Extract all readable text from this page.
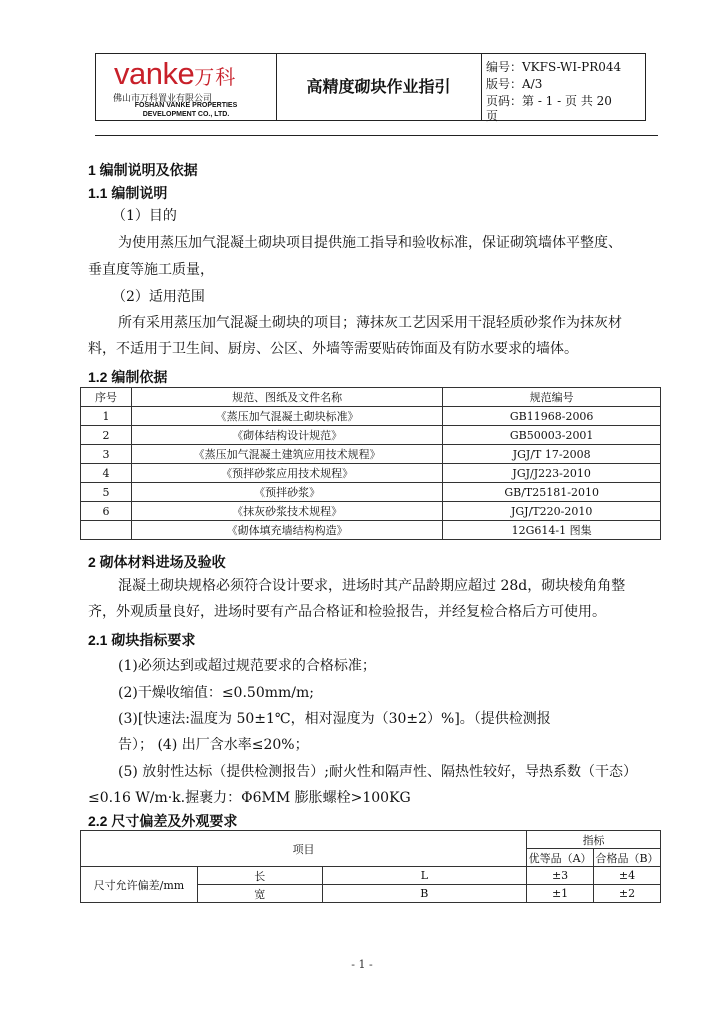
vanke万科
佛山市万科置业有限公司
FOSHAN VANKE PROPERTIES
DEVELOPMENT CO., LTD.
高精度砌块作业指引
编号：VKFS-WI-PR044
版号：A/3
页码：第 - 1 - 页 共 20
页
1 编制说明及依据
1.1 编制说明
（1）目的
为使用蒸压加气混凝土砌块项目提供施工指导和验收标准，保证砌筑墙体平整度、
垂直度等施工质量，
（2）适用范围
所有采用蒸压加气混凝土砌块的项目；薄抹灰工艺因采用干混轻质砂浆作为抹灰材
料，不适用于卫生间、厨房、公区、外墙等需要贴砖饰面及有防水要求的墙体。
1.2 编制依据
序号	规范、图纸及文件名称	规范编号
1	《蒸压加气混凝土砌块标准》	GB11968-2006
2	《砌体结构设计规范》	GB50003-2001
3	《蒸压加气混凝土建筑应用技术规程》	JGJ/T 17-2008
4	《预拌砂浆应用技术规程》	JGJ/J223-2010
5	《预拌砂浆》	GB/T25181-2010
6	《抹灰砂浆技术规程》	JGJ/T220-2010
	《砌体填充墙结构构造》	12G614-1 图集
2 砌体材料进场及验收
混凝土砌块规格必须符合设计要求，进场时其产品龄期应超过 28d，砌块棱角角整
齐，外观质量良好，进场时要有产品合格证和检验报告，并经复检合格后方可使用。
2.1 砌块指标要求
(1)必须达到或超过规范要求的合格标准；
(2)干燥收缩值：≤0.50mm/m;
(3)[快速法:温度为 50±1℃，相对湿度为（30±2）%]。（提供检测报
告）； (4) 出厂含水率≤20%；
(5) 放射性达标（提供检测报告）;耐火性和隔声性、隔热性较好，导热系数（干态）
≤0.16 W/m·k.握裹力：Φ6MM 膨胀螺栓>100KG
2.2 尺寸偏差及外观要求
项目			指标	
			优等品（A）	合格品（B）
尺寸允许偏差/mm	长	L	±3	±4
	宽	B	±1	±2
- 1 -
